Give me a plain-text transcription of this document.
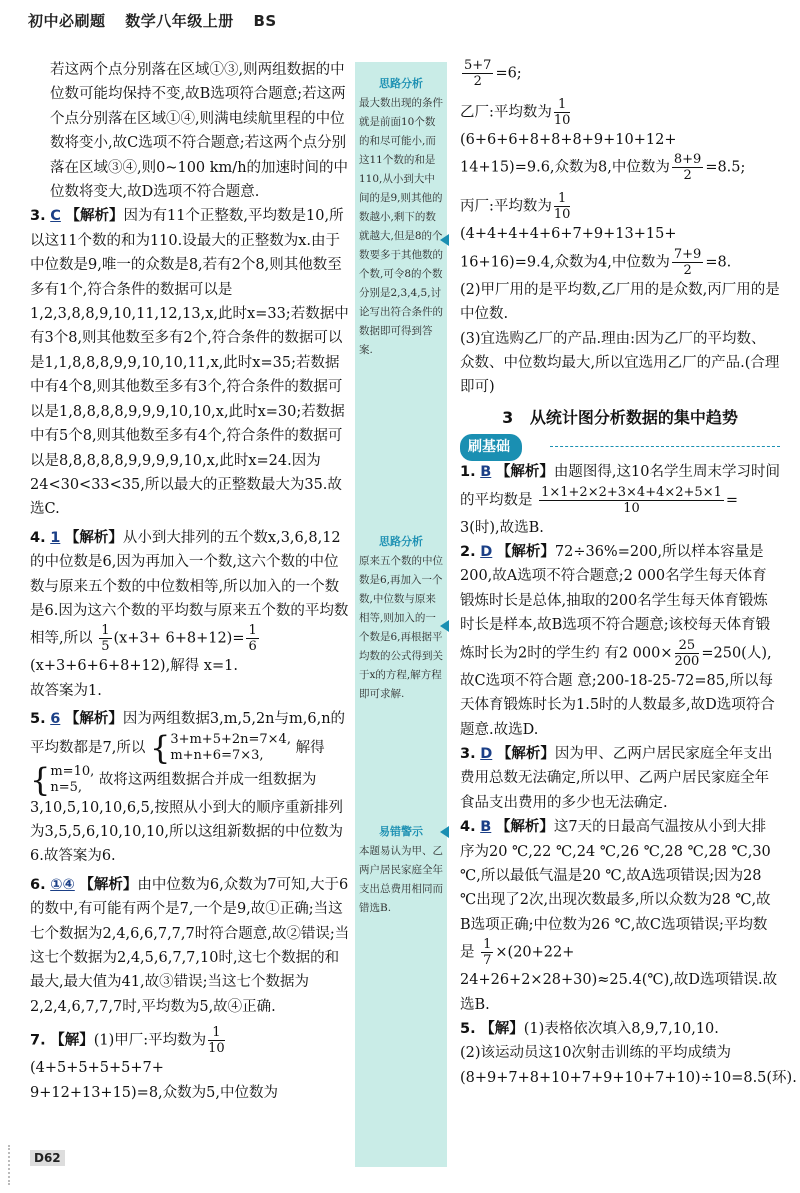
初中必刷题 数学八年级上册 BS

若这两个点分别落在区域①③,则两组数据的中位数可能均保持不变,故B选项符合题意;若这两个点分别落在区域①④,则满电续航里程的中位数将变小,故C选项不符合题意;若这两个点分别落在区域③④,则0~100 km/h的加速时间的中位数将变大,故D选项不符合题意.

3. C 【解析】因为有11个正整数,平均数是10,所以这11个数的和为110.设最大的正整数为x.由于中位数是9,唯一的众数是8,若有2个8,则其他数至多有1个,符合条件的数据可以是1,2,3,8,8,9,10,11,12,13,x,此时x=33;若数据中有3个8,则其他数至多有2个,符合条件的数据可以是1,1,8,8,8,9,9,10,10,11,x,此时x=35;若数据中有4个8,则其他数至多有3个,符合条件的数据可以是1,8,8,8,8,9,9,9,10,10,x,此时x=30;若数据中有5个8,则其他数至多有4个,符合条件的数据可以是8,8,8,8,8,9,9,9,9,10,x,此时x=24.因为24<30<33<35,所以最大的正整数最大为35.故选C.

4. 1 【解析】从小到大排列的五个数x,3,6,8,12的中位数是6,因为再加入一个数,这六个数的中位数与原来五个数的中位数相等,所以加入的一个数是6.因为这六个数的平均数与原来五个数的平均数相等,所以 $\frac{1}{5} (x+3+ 6+8+12)= \frac{1}{6}$
(x+3+6+6+8+12),解得 x=1.
故答案为1.

5. 6 【解析】因为两组数据3,m,5,2n与m,6,n的平均数都是7,所以 {3+m+5+2n=7×4,
m+n+6=7×3, 解得
{m=10,
n=5, 故将这两组数据合并成一组数据为3,10,5,10,10,6,5,按照从小到大的顺序重新排列为3,5,5,6,10,10,10,所以这组新数据的中位数为6.故答案为6.

6. ①④ 【解析】由中位数为6,众数为7可知,大于6的数中,有可能有两个是7,一个是9,故①正确;当这七个数据为2,4,6,6,7,7,7时符合题意,故②错误;当这七个数据为2,4,5,6,7,7,10时,这七个数据的和最大,最大值为41,故③错误;当这七个数据为2,2,4,6,7,7,7时,平均数为5,故④正确.

7. 【解】(1)甲厂:平均数为 $\frac{1}{10}$
(4+5+5+5+5+7+
9+12+13+15)=8,众数为5,中位数为

思路分析
最大数出现的条件就是前面10个数的和尽可能小,而这11个数的和是110,从小到大中间的是9,则其他的数越小,剩下的数就越大,但是8的个数要多于其他数的个数,可令8的个数分别是2,3,4,5,讨论写出符合条件的数据即可得到答案.
思路分析
原来五个数的中位数是6,再加入一个数,中位数与原来相等,则加入的一个数是6,再根据平均数的公式得到关于x的方程,解方程即可求解.
易错警示
本题易认为甲、乙两户居民家庭全年支出总费用相同而错选B.

$\frac{5+7}{2} =6$;

乙厂:平均数为 $\frac{1}{10}$
(6+6+6+8+8+8+9+10+12+
14+15)=9.6,众数为8,中位数为 $\frac{8+9}{2} =8.5$;

丙厂:平均数为 $\frac{1}{10}$
(4+4+4+4+6+7+9+13+15+
16+16)=9.4,众数为4,中位数为 $\frac{7+9}{2} =8$.

(2)甲厂用的是平均数,乙厂用的是众数,丙厂用的是中位数.

(3)宜选购乙厂的产品.理由:因为乙厂的平均数、众数、中位数均最大,所以宜选用乙厂的产品.(合理即可)

3 从统计图分析数据的集中趋势
刷基础

1. B 【解析】由题图得,这10名学生周末学习时间的平均数是 $\frac{1\times 1+2\times 2+3\times 4+4\times 2+5\times 1}{10}$ =
3(时),故选B.

2. D 【解析】72÷36%=200,所以样本容量是200,故A选项不符合题意;2 000名学生每天体育锻炼时长是总体,抽取的200名学生每天体育锻炼时长是样本,故B选项不符合题意;该校每天体育锻炼时长为2时的学生约 有2 $000\times \frac{25}{200} =250$(人),故C选项不符合题 意;200-18-25-72=85,所以每天体育锻炼时长为1.5时的人数最多,故D选项符合题意.故选D.

3. D 【解析】因为甲、乙两户居民家庭全年支出费用总数无法确定,所以甲、乙两户居民家庭全年食品支出费用的多少也无法确定.

4. B 【解析】这7天的日最高气温按从小到大排序为20 ℃,22 ℃,24 ℃,26 ℃,28 ℃,28 ℃,30 ℃,所以最低气温是20 ℃,故A选项错误;因为28 ℃出现了2次,出现次数最多,所以众数为28 ℃,故B选项正确;中位数为26 ℃,故C选项错误;平均数是 $\frac{1}{7} \times(20+22+$ 24+26+2×28+30)≈25.4(℃),故D选项错误.故选B.

5. 【解】(1)表格依次填入8,9,7,10,10.
(2)该运动员这10次射击训练的平均成绩为(8+9+7+8+10+7+9+10+7+10)÷10=8.5(环).

D62
